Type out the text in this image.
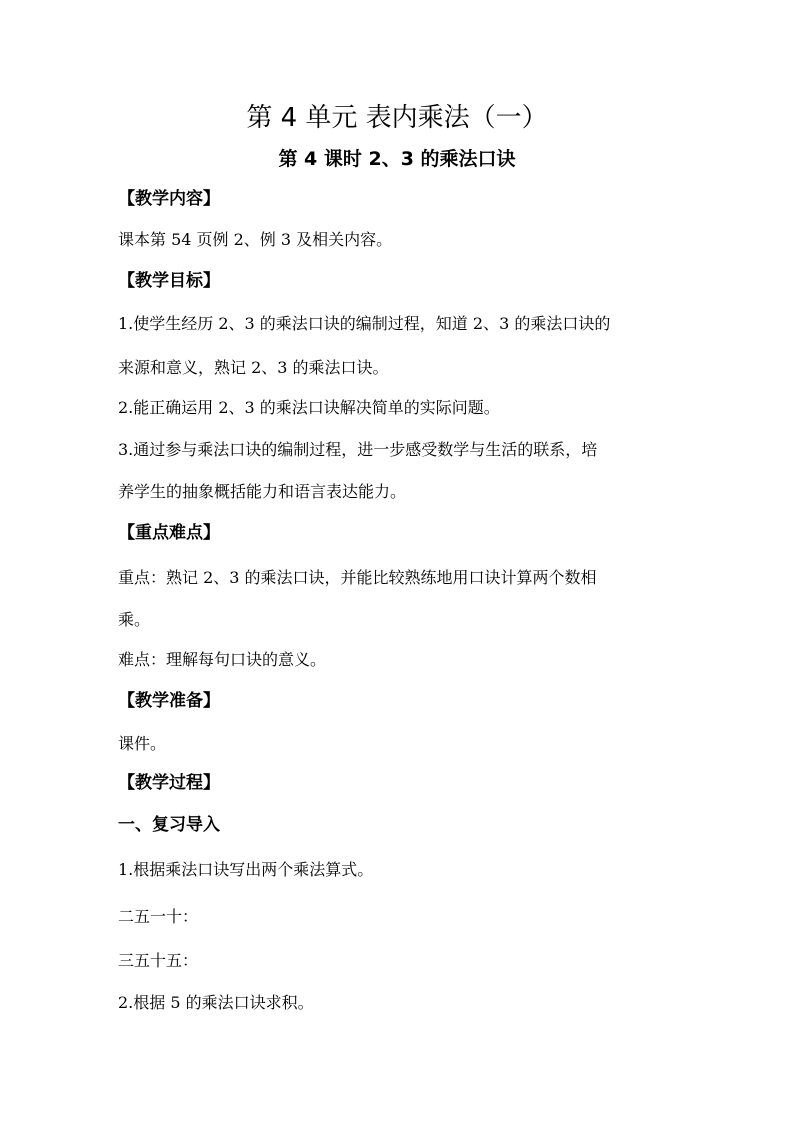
第 4 单元 表内乘法（一）
第 4 课时 2、3 的乘法口诀

【教学内容】

课本第 54 页例 2、例 3 及相关内容。

【教学目标】

1.使学生经历 2、3 的乘法口诀的编制过程，知道 2、3 的乘法口诀的

来源和意义，熟记 2、3 的乘法口诀。

2.能正确运用 2、3 的乘法口诀解决简单的实际问题。

3.通过参与乘法口诀的编制过程，进一步感受数学与生活的联系，培

养学生的抽象概括能力和语言表达能力。

【重点难点】

重点：熟记 2、3 的乘法口诀，并能比较熟练地用口诀计算两个数相

乘。

难点：理解每句口诀的意义。

【教学准备】

课件。

【教学过程】

一、复习导入

1.根据乘法口诀写出两个乘法算式。

二五一十：

三五十五：

2.根据 5 的乘法口诀求积。
